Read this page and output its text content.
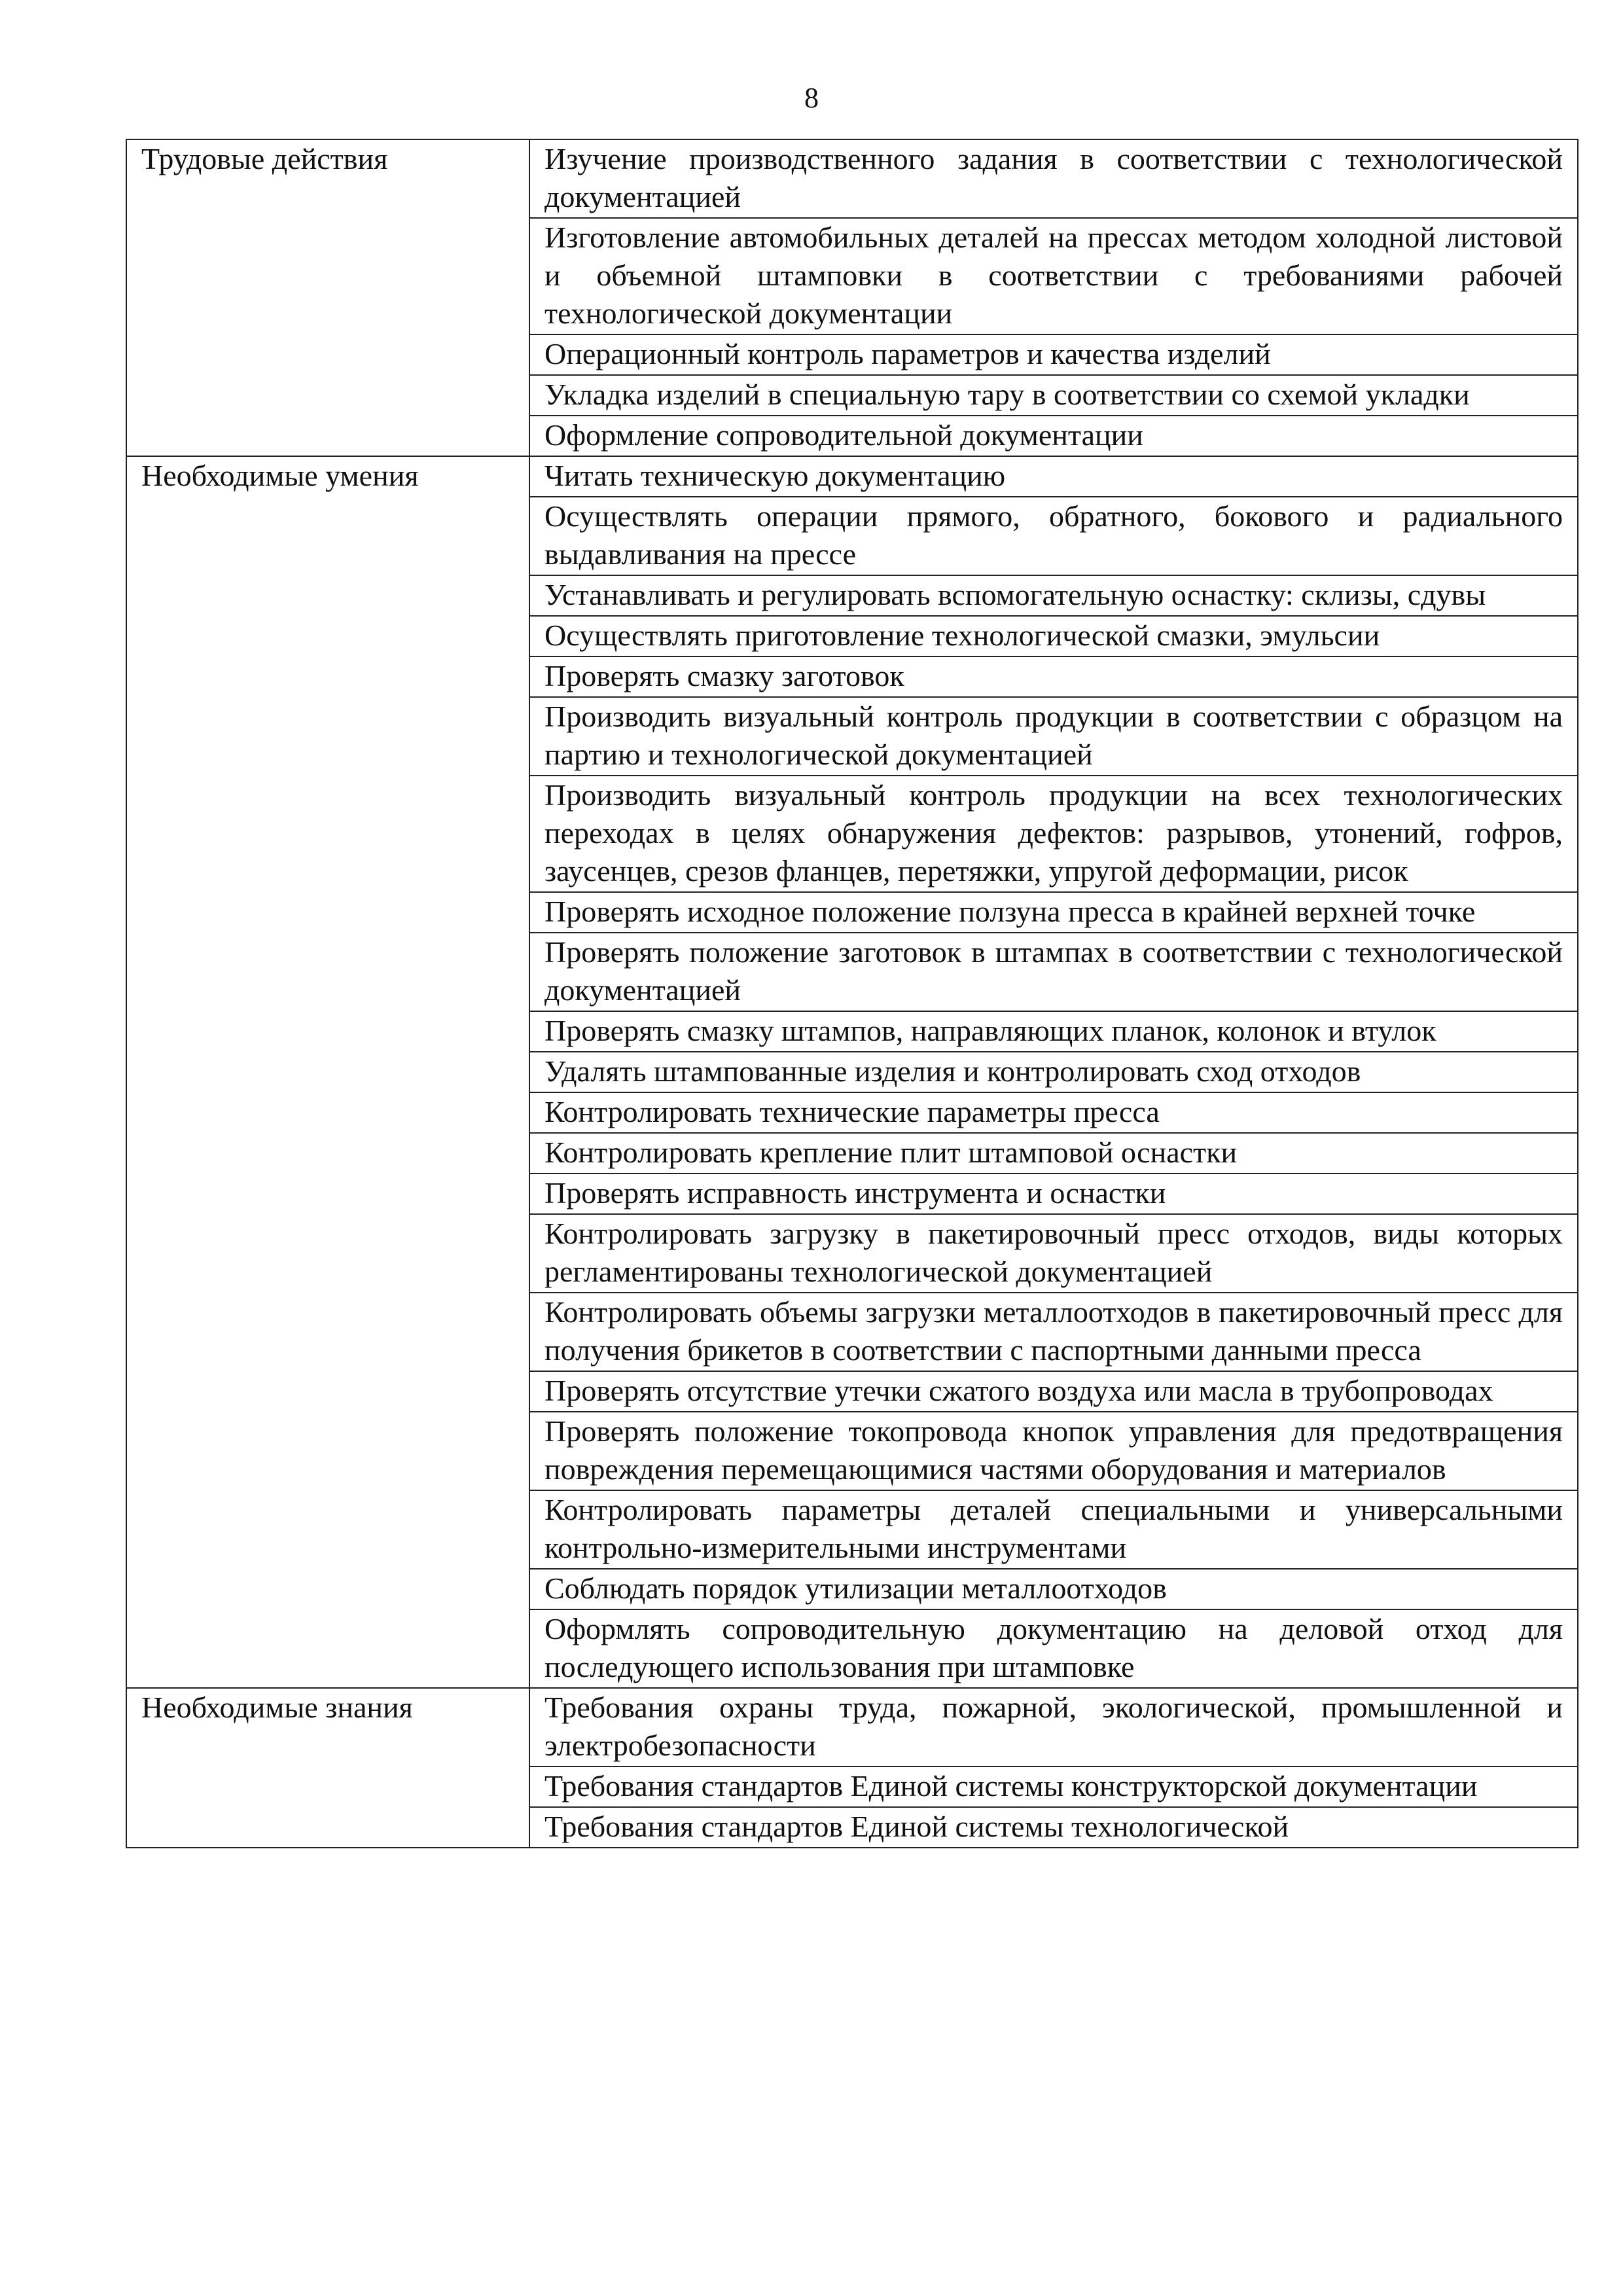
8
Трудовые действия	Изучение производственного задания в соответствии с технологической документацией

	Изготовление автомобильных деталей на прессах методом холодной листовой и объемной штамповки в соответствии с требованиями рабочей технологической документации

	Операционный контроль параметров и качества изделий

	Укладка изделий в специальную тару в соответствии со схемой укладки

	Оформление сопроводительной документации

Необходимые умения	Читать техническую документацию

	Осуществлять операции прямого, обратного, бокового и радиального выдавливания на прессе

	Устанавливать и регулировать вспомогательную оснастку: склизы, сдувы

	Осуществлять приготовление технологической смазки, эмульсии

	Проверять смазку заготовок

	Производить визуальный контроль продукции в соответствии с образцом на партию и технологической документацией

	Производить визуальный контроль продукции на всех технологических переходах в целях обнаружения дефектов: разрывов, утонений, гофров, заусенцев, срезов фланцев, перетяжки, упругой деформации, рисок

	Проверять исходное положение ползуна пресса в крайней верхней точке

	Проверять положение заготовок в штампах в соответствии с технологической документацией

	Проверять смазку штампов, направляющих планок, колонок и втулок

	Удалять штампованные изделия и контролировать сход отходов

	Контролировать технические параметры пресса

	Контролировать крепление плит штамповой оснастки

	Проверять исправность инструмента и оснастки

	Контролировать загрузку в пакетировочный пресс отходов, виды которых регламентированы технологической документацией

	Контролировать объемы загрузки металлоотходов в пакетировочный пресс для получения брикетов в соответствии с паспортными данными пресса

	Проверять отсутствие утечки сжатого воздуха или масла в трубопроводах

	Проверять положение токопровода кнопок управления для предотвращения повреждения перемещающимися частями оборудования и материалов

	Контролировать параметры деталей специальными и универсальными контрольно-измерительными инструментами

	Соблюдать порядок утилизации металлоотходов

	Оформлять сопроводительную документацию на деловой отход для последующего использования при штамповке

Необходимые знания	Требования охраны труда, пожарной, экологической, промышленной и электробезопасности

	Требования стандартов Единой системы конструкторской документации

	Требования стандартов Единой системы технологической
